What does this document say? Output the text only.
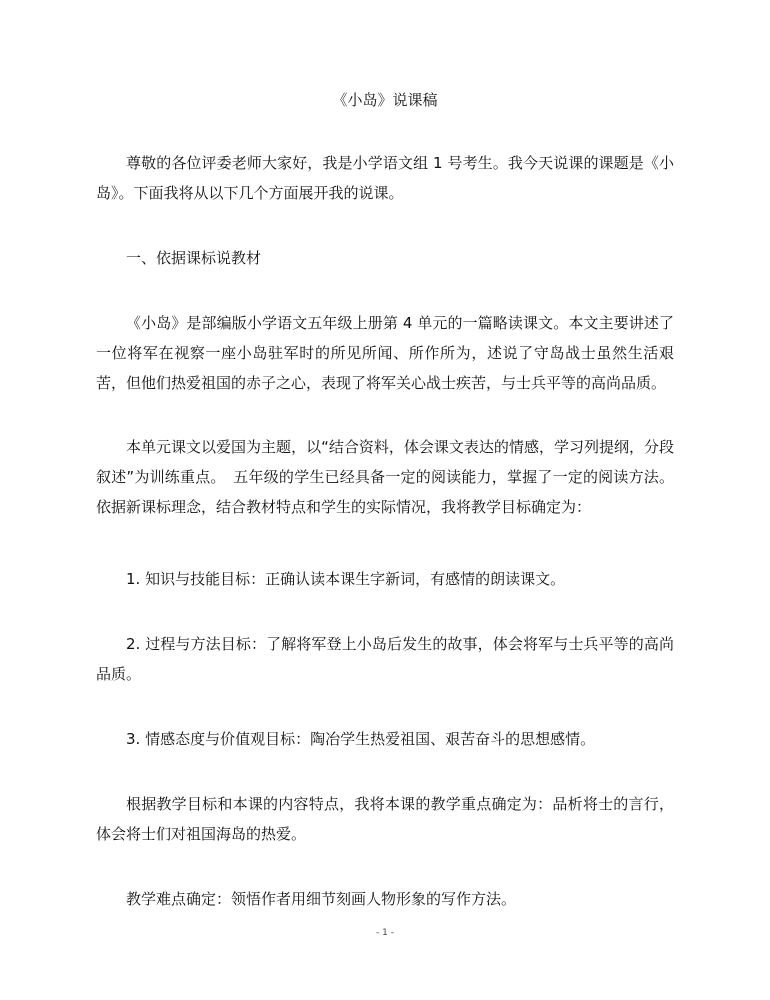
《小岛》说课稿

尊敬的各位评委老师大家好，我是小学语文组 1 号考生。我今天说课的课题是《小岛》。下面我将从以下几个方面展开我的说课。

一、依据课标说教材

《小岛》是部编版小学语文五年级上册第 4 单元的一篇略读课文。本文主要讲述了一位将军在视察一座小岛驻军时的所见所闻、所作所为，述说了守岛战士虽然生活艰苦，但他们热爱祖国的赤子之心，表现了将军关心战士疾苦，与士兵平等的高尚品质。

本单元课文以爱国为主题，以“结合资料，体会课文表达的情感，学习列提纲，分段叙述”为训练重点。　五年级的学生已经具备一定的阅读能力，掌握了一定的阅读方法。依据新课标理念，结合教材特点和学生的实际情况，我将教学目标确定为：

1. 知识与技能目标：正确认读本课生字新词，有感情的朗读课文。

2. 过程与方法目标：了解将军登上小岛后发生的故事，体会将军与士兵平等的高尚品质。

3. 情感态度与价值观目标：陶冶学生热爱祖国、艰苦奋斗的思想感情。

根据教学目标和本课的内容特点，我将本课的教学重点确定为：品析将士的言行，体会将士们对祖国海岛的热爱。

教学难点确定：领悟作者用细节刻画人物形象的写作方法。

- 1 -
